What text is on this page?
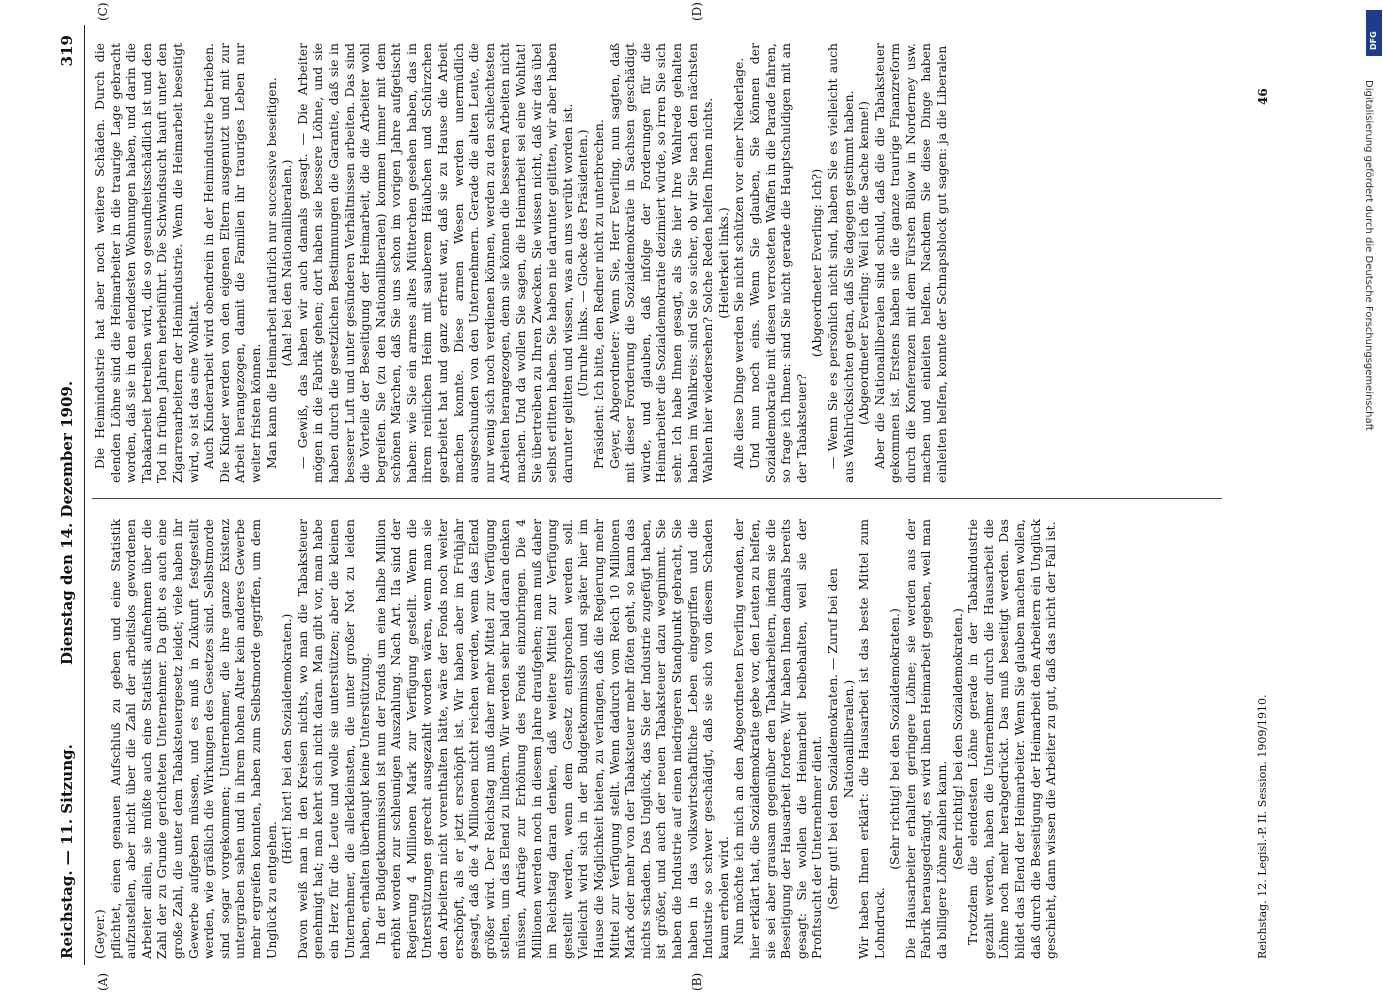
Reichstag. — 11. Sitzung.
Dienstag den 14. Dezember 1909.
319
(A)	(B)
(C)	(D)

(Geyer.) pflichtet, einen genauen Aufschluß zu geben und eine Statistik aufzustellen, aber nicht über die Zahl der arbeitslos gewordenen Arbeiter allein, sie müßte auch eine Statistik aufnehmen über die Zahl der zu Grunde gerichteten Unternehmer. Da gibt es auch eine große Zahl, die unter dem Tabaksteuergesetz leidet; viele haben ihr Gewerbe aufgeben müssen, und es muß in Zukunft festgestellt werden, wie gräßlich die Wirkungen des Gesetzes sind. Selbstmorde sind sogar vorgekommen; Unternehmer, die ihre ganze Existenz untergraben sahen und in ihrem hohen Alter kein anderes Gewerbe mehr ergreifen konnten, haben zum Selbstmorde gegriffen, um dem Unglück zu entgehen.

(Hört! hört! bei den Sozialdemokraten.) Davon weiß man in den Kreisen nichts, wo man die Tabaksteuer genehmigt hat; man kehrt sich nicht daran. Man gibt vor, man habe ein Herz für die Leute und wolle sie unterstützen; aber die kleinen Unternehmer, die allerkleinsten, die unter großer Not zu leiden haben, erhalten überhaupt keine Unterstützung. In der Budgetkommission ist nun der Fonds um eine halbe Million erhöht worden zur schleunigen Auszahlung. Nach Art. IIa sind der Regierung 4 Millionen Mark zur Verfügung gestellt. Wenn die Unterstützungen gerecht ausgezahlt worden wären, wenn man sie den Arbeitern nicht vorenthalten hätte, wäre der Fonds noch weiter erschöpft, als er jetzt erschöpft ist. Wir haben aber im Frühjahr gesagt, daß die 4 Millionen nicht reichen werden, wenn das Elend größer wird. Der Reichstag muß daher mehr Mittel zur Verfügung stellen, um das Elend zu lindern. Wir werden sehr bald daran denken müssen, Anträge zur Erhöhung des Fonds einzubringen. Die 4 Millionen werden noch in diesem Jahre draufgehen; man muß daher im Reichstag daran denken, daß weitere Mittel zur Verfügung gestellt werden, wenn dem Gesetz entsprochen werden soll. Vielleicht wird sich in der Budgetkommission und später hier im Hause die Möglichkeit bieten, zu verlangen, daß die Regierung mehr Mittel zur Verfügung stellt. Wenn dadurch vom Reich 10 Millionen Mark oder mehr von der Tabaksteuer mehr flöten geht, so kann das nichts schaden. Das Unglück, das Sie der Industrie zugefügt haben, ist größer, und auch der neuen Tabaksteuer dazu wegnimmt. Sie haben die Industrie auf einen niedrigeren Standpunkt gebracht, Sie haben in das volkswirtschaftliche Leben eingegriffen und die Industrie so schwer geschädigt, daß sie sich von diesem Schaden kaum erholen wird. Nun möchte ich mich an den Abgeordneten Everling wenden, der hier erklärt hat, die Sozialdemokratie gebe vor, den Leuten zu helfen, sie sei aber grausam gegenüber den Tabakarbeitern, indem sie die Beseitigung der Hausarbeit fordere. Wir haben Ihnen damals bereits gesagt: Sie wollen die Heimarbeit beibehalten, weil sie der Profitsucht der Unternehmer dient. (Sehr gut! bei den Sozialdemokraten. — Zuruf bei den Nationalliberalen.) Wir haben Ihnen erklärt: die Hausarbeit ist das beste Mittel zum Lohndruck.

(Sehr richtig! bei den Sozialdemokraten.) Die Hausarbeiter erhalten geringere Löhne; sie werden aus der Fabrik herausgedrängt, es wird ihnen Heimarbeit gegeben, weil man da billigere Löhne zahlen kann. (Sehr richtig! bei den Sozialdemokraten.) Trotzdem die elendesten Löhne gerade in der Tabakindustrie gezahlt werden, haben die Unternehmer durch die Hausarbeit die Löhne noch mehr herabgedrückt. Das muß beseitigt werden. Das bildet das Elend der Heimarbeiter. Wenn Sie glauben machen wollen, daß durch die Beseitigung der Heimarbeit den Arbeitern ein Unglück geschieht, dann wissen die Arbeiter zu gut, daß das nicht der Fall ist.

Die Heimindustrie hat aber noch weitere Schäden. Durch die elenden Löhne sind die Heimarbeiter in die traurige Lage gebracht worden, daß sie in den elendesten Wohnungen haben, und darin die Tabakarbeit betreiben wird, die so gesundheitsschädlich ist und den Tod in frühen Jahren herbeiführt. Die Schwindsucht hauft unter den Zigarrenarbeitern der Heimindustrie. Wenn die Heimarbeit beseitigt wird, so ist das eine Wohltat. Auch Kinderarbeit wird obendrein in der Heimindustrie betrieben. Die Kinder werden von den eigenen Eltern ausgenutzt und mit zur Arbeit herangezogen, damit die Familien ihr trauriges Leben nur weiter fristen können. Man kann die Heimarbeit natürlich nur successive beseitigen. (Aha! bei den Nationalliberalen.) — Gewiß, das haben wir auch damals gesagt. — Die Arbeiter mögen in die Fabrik gehen; dort haben sie bessere Löhne, und sie haben durch die gesetzlichen Bestimmungen die Garantie, daß sie in besserer Luft und unter gesünderen Verhältnissen arbeiten. Das sind die Vorteile der Beseitigung der Heimarbeit, die die Arbeiter wohl begreifen. Sie (zu den Nationalliberalen) kommen immer mit dem schönen Märchen, daß Sie uns schon im vorigen Jahre aufgetischt haben: wie Sie ein armes altes Mütterchen gesehen haben, das in ihrem reinlichen Heim mit sauberem Häubchen und Schürzchen gearbeitet hat und ganz erfreut war, daß sie zu Hause die Arbeit machen konnte. Diese armen Wesen werden unermüdlich ausgeschunden von den Unternehmern. Gerade die alten Leute, die nur wenig sich noch verdienen können, werden zu den schlechtesten Arbeiten herangezogen, denn sie können die besseren Arbeiten nicht machen. Und da wollen Sie sagen, die Heimarbeit sei eine Wohltat! Sie übertreiben zu Ihren Zwecken. Sie wissen nicht, daß wir das übel selbst erlitten haben. Sie haben nie darunter gelitten, wir aber haben darunter gelitten und wissen, was an uns verübt worden ist. (Unruhe links. — Glocke des Präsidenten.) Präsident: Ich bitte, den Redner nicht zu unterbrechen. Geyer, Abgeordneter: Wenn Sie, Herr Everling, nun sagten, daß mit dieser Forderung die Sozialdemokratie in Sachsen geschädigt würde, und glauben, daß infolge der Forderungen für die Heimarbeiter die Sozialdemokratie dezimiert würde, so irren Sie sich sehr. Ich habe Ihnen gesagt, als Sie hier Ihre Wahlrede gehalten haben im Wahlkreis: sind Sie so sicher, ob wir Sie nach den nächsten Wahlen hier wiedersehen? Solche Reden helfen Ihnen nichts. (Heiterkeit links.) Alle diese Dinge werden Sie nicht schützen vor einer Niederlage. Und nun noch eins. Wenn Sie glauben, Sie können der Sozialdemokratie mit diesen verrosteten Waffen in die Parade fahren, so frage ich Ihnen: sind Sie nicht gerade die Hauptschuldigen mit an der Tabaksteuer?

(Abgeordneter Everling: Ich?) — Wenn Sie es persönlich nicht sind, haben Sie es vielleicht auch aus Wahlrücksichten getan, daß Sie dagegen gestimmt haben. (Abgeordneter Everling: Weil ich die Sache kenne!) Aber die Nationalliberalen sind schuld, daß die die Tabaksteuer gekommen ist. Erstens haben sie die ganze traurige Finanzreform durch die Konferenzen mit dem Fürsten Bülow in Norderney usw. machen und einleiten helfen. Nachdem Sie diese Dinge haben einleiten helfen, konnte der Schnapsblock gut sagen: ja die Liberalen

Reichstag. 12. Legisl.-P. II. Session. 1909/1910.
46
DFG
Digitalisierung gefördert durch die Deutsche Forschungsgemeinschaft
